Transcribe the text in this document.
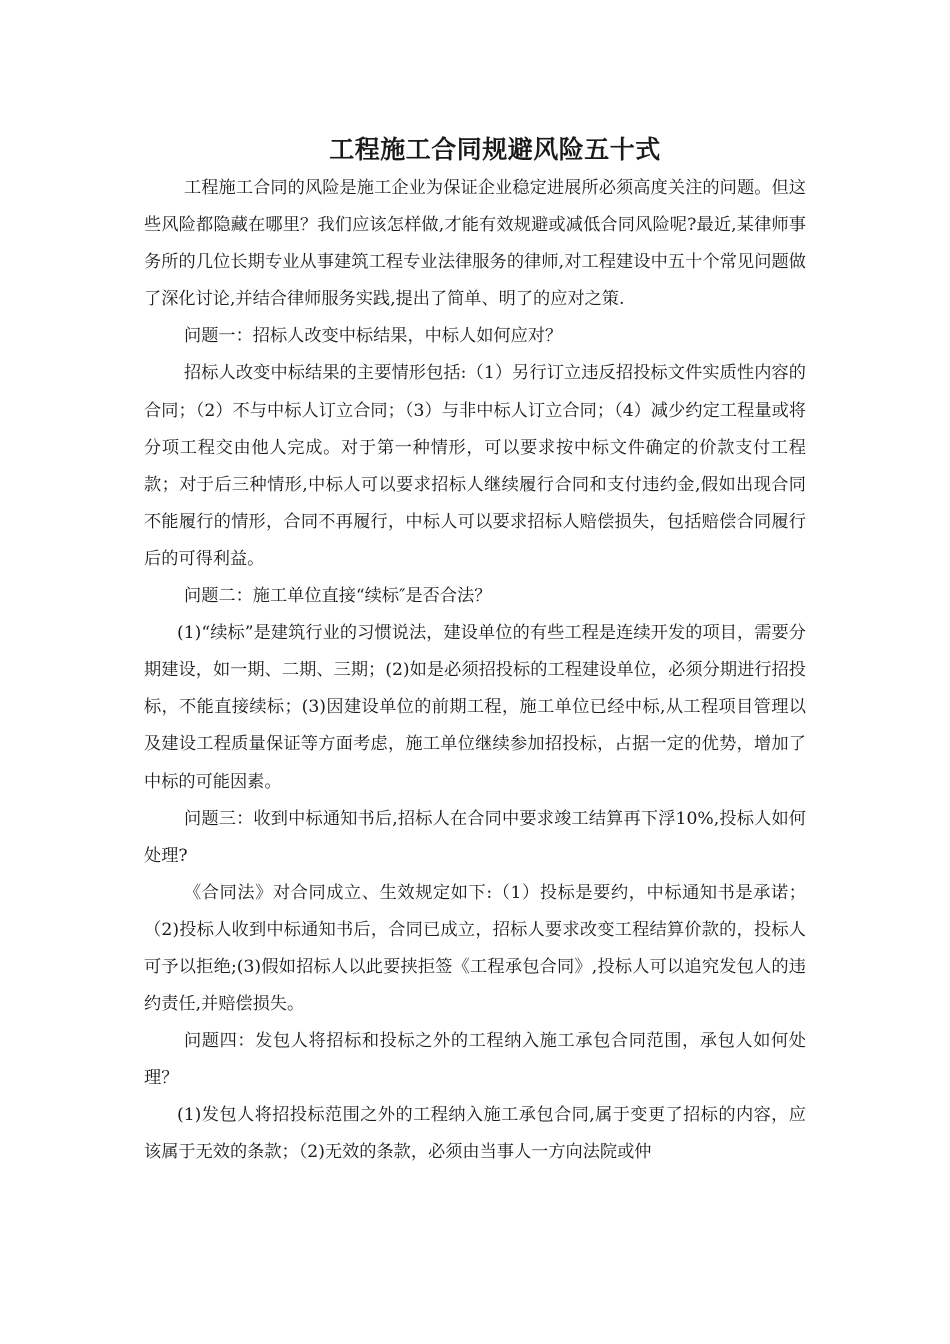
工程施工合同规避风险五十式

工程施工合同的风险是施工企业为保证企业稳定进展所必须高度关注的问题。但这些风险都隐藏在哪里？我们应该怎样做,才能有效规避或减低合同风险呢?最近,某律师事务所的几位长期专业从事建筑工程专业法律服务的律师,对工程建设中五十个常见问题做了深化讨论,并结合律师服务实践,提出了简单、明了的应对之策.

问题一：招标人改变中标结果，中标人如何应对？

招标人改变中标结果的主要情形包括:（1）另行订立违反招投标文件实质性内容的合同；（2）不与中标人订立合同；（3）与非中标人订立合同；（4）减少约定工程量或将分项工程交由他人完成。对于第一种情形，可以要求按中标文件确定的价款支付工程款；对于后三种情形,中标人可以要求招标人继续履行合同和支付违约金,假如出现合同不能履行的情形，合同不再履行，中标人可以要求招标人赔偿损失，包括赔偿合同履行后的可得利益。

问题二：施工单位直接“续标″是否合法？

(1)“续标”是建筑行业的习惯说法，建设单位的有些工程是连续开发的项目，需要分期建设，如一期、二期、三期；(2)如是必须招投标的工程建设单位，必须分期进行招投标，不能直接续标；(3)因建设单位的前期工程，施工单位已经中标,从工程项目管理以及建设工程质量保证等方面考虑，施工单位继续参加招投标，占据一定的优势，增加了中标的可能因素。

问题三：收到中标通知书后,招标人在合同中要求竣工结算再下浮10%,投标人如何处理?

《合同法》对合同成立、生效规定如下:（1）投标是要约，中标通知书是承诺；（2)投标人收到中标通知书后，合同已成立，招标人要求改变工程结算价款的，投标人可予以拒绝;(3)假如招标人以此要挟拒签《工程承包合同》,投标人可以追究发包人的违约责任,并赔偿损失。

问题四：发包人将招标和投标之外的工程纳入施工承包合同范围，承包人如何处理？

(1)发包人将招投标范围之外的工程纳入施工承包合同,属于变更了招标的内容，应该属于无效的条款；（2)无效的条款，必须由当事人一方向法院或仲
